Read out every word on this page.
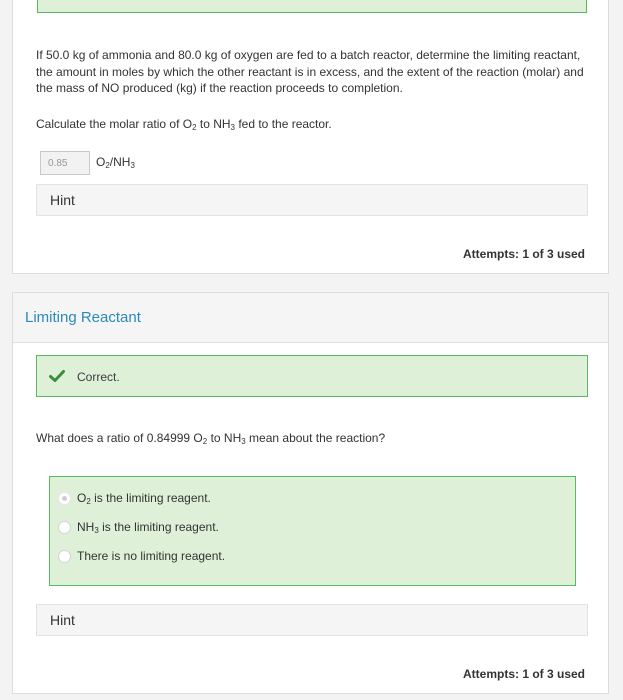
If 50.0 kg of ammonia and 80.0 kg of oxygen are fed to a batch reactor, determine the limiting reactant, the amount in moles by which the other reactant is in excess, and the extent of the reaction (molar) and the mass of NO produced (kg) if the reaction proceeds to completion.

Calculate the molar ratio of $O_2$ to $NH_3$ fed to the reactor.
0.85	$O_2/NH_3$
Hint
Attempts: 1 of 3 used
Limiting Reactant
Correct.
What does a ratio of 0.84999 $O_2$ to $NH_3$ mean about the reaction?
$O_2$ is the limiting reagent.
$NH_3$ is the limiting reagent.
There is no limiting reagent.
Hint
Attempts: 1 of 3 used
